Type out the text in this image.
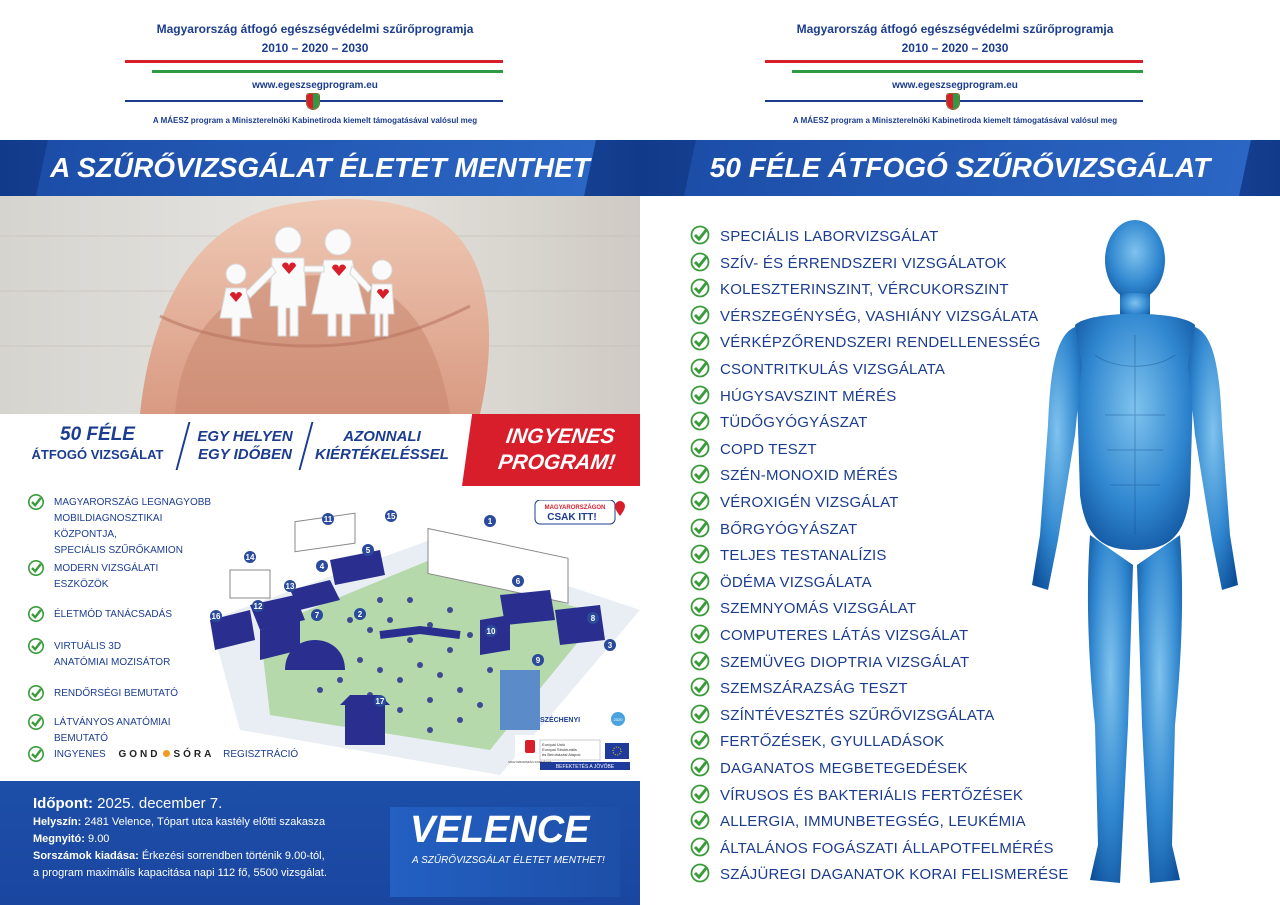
Magyarország átfogó egészségvédelmi szűrőprogramja
2010 – 2020 – 2030
www.egeszsegprogram.eu
A MÁESZ program a Miniszterelnöki Kabinetiroda kiemelt támogatásával valósul meg
A SZŰRŐVIZSGÁLAT ÉLETET MENTHET
50 FÉLE
ÁTFOGÓ VIZSGÁLAT
EGY HELYEN
EGY IDŐBEN
AZONNALI
KIÉRTÉKELÉSSEL
INGYENES
PROGRAM!
MAGYARORSZÁG LEGNAGYOBB
MOBILDIAGNOSZTIKAI KÖZPONTJA,
SPECIÁLIS SZŰRŐKAMION
MODERN VIZSGÁLATI
ESZKÖZÖK
ÉLETMÓD TANÁCSADÁS
VIRTUÁLIS 3D
ANATÓMIAI MOZISÁTOR
RENDŐRSÉGI BEMUTATÓ
LÁTVÁNYOS ANATÓMIAI BEMUTATÓ
INGYENES GOND SÓRA REGISZTRÁCIÓ
1
2
3
4
5
6
7	8
9
10
11
12
13
14
15
16
17
MAGYARORSZÁGON
CSAK ITT!
SZÉCHENYI	2020
Európai Unió
Európai Strukturális
és Beruházási Alapok
BEFEKTETÉS A JÖVŐBE
MAGYARORSZÁG KORMÁNYA
Időpont: 2025. december 7.
Helyszín: 2481 Velence, Tópart utca kastély előtti szakasza
Megnyitó: 9.00
Sorszámok kiadása: Érkezési sorrendben történik 9.00-tól,
a program maximális kapacitása napi 112 fő, 5500 vizsgálat.
VELENCE
A SZŰRŐVIZSGÁLAT ÉLETET MENTHET!
Magyarország átfogó egészségvédelmi szűrőprogramja
2010 – 2020 – 2030
www.egeszsegprogram.eu
A MÁESZ program a Miniszterelnöki Kabinetiroda kiemelt támogatásával valósul meg
50 FÉLE ÁTFOGÓ SZŰRŐVIZSGÁLAT
SPECIÁLIS LABORVIZSGÁLAT
SZÍV- ÉS ÉRRENDSZERI VIZSGÁLATOK
KOLESZTERINSZINT, VÉRCUKORSZINT
VÉRSZEGÉNYSÉG, VASHIÁNY VIZSGÁLATA
VÉRKÉPZŐRENDSZERI RENDELLENESSÉG
CSONTRITKULÁS VIZSGÁLATA
HÚGYSAVSZINT MÉRÉS
TÜDŐGYÓGYÁSZAT
COPD TESZT
SZÉN-MONOXID MÉRÉS
VÉROXIGÉN VIZSGÁLAT
BŐRGYÓGYÁSZAT
TELJES TESTANALÍZIS
ÖDÉMA VIZSGÁLATA
SZEMNYOMÁS VIZSGÁLAT
COMPUTERES LÁTÁS VIZSGÁLAT
SZEMÜVEG DIOPTRIA VIZSGÁLAT
SZEMSZÁRAZSÁG TESZT
SZÍNTÉVESZTÉS SZŰRŐVIZSGÁLATA
FERTŐZÉSEK, GYULLADÁSOK
DAGANATOS MEGBETEGEDÉSEK
VÍRUSOS ÉS BAKTERIÁLIS FERTŐZÉSEK
ALLERGIA, IMMUNBETEGSÉG, LEUKÉMIA
ÁLTALÁNOS FOGÁSZATI ÁLLAPOTFELMÉRÉS
SZÁJÜREGI DAGANATOK KORAI FELISMERÉSE
